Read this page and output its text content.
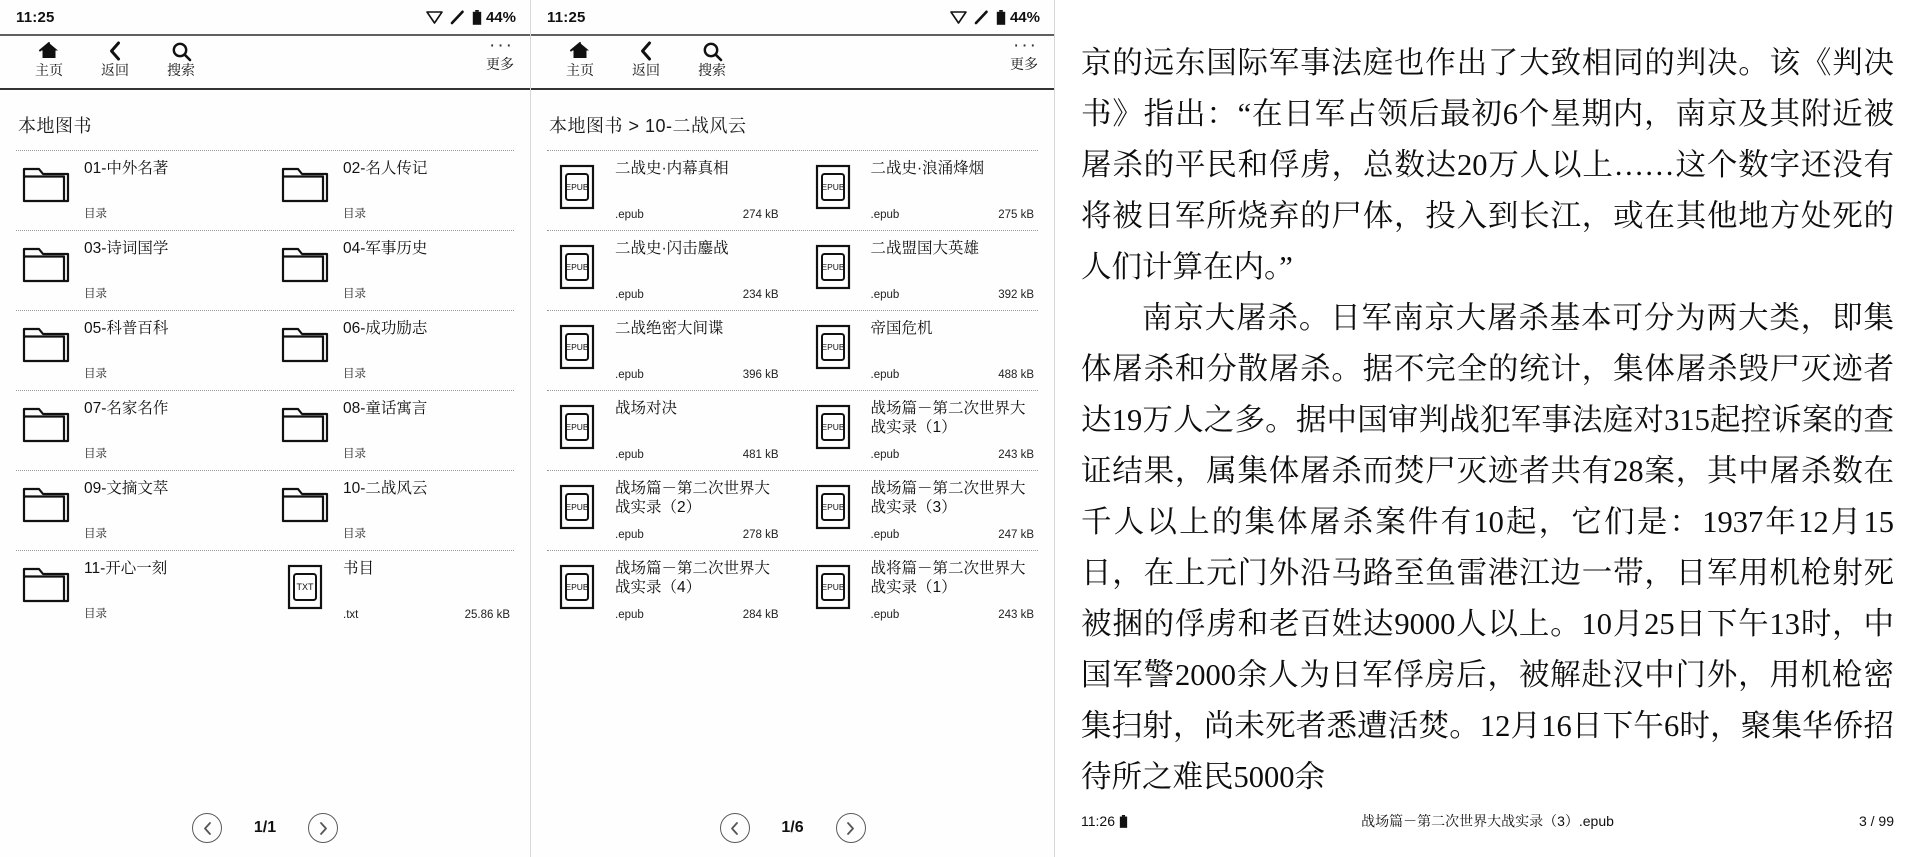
11:25	44%
主页	返回	搜索
···
更多
本地图书
01-中外名著
目录
02-名人传记
目录
03-诗词国学
目录
04-军事历史
目录
05-科普百科
目录
06-成功励志
目录
07-名家名作
目录
08-童话寓言
目录
09-文摘文萃
目录
10-二战风云
目录
11-开心一刻
目录
TXT
书目
.txt	25.86 kB
1/1
11:25	44%
主页	返回	搜索
···
更多
本地图书 > 10-二战风云
EPUB
二战史·内幕真相
.epub	274 kB
EPUB
二战史·浪涌烽烟
.epub	275 kB
EPUB
二战史·闪击鏖战
.epub	234 kB
EPUB
二战盟国大英雄
.epub	392 kB
EPUB
二战绝密大间谍
.epub	396 kB
EPUB
帝国危机
.epub	488 kB
EPUB
战场对决
.epub	481 kB
EPUB
战场篇－第二次世界大战实录（1）
.epub	243 kB
EPUB
战场篇－第二次世界大战实录（2）
.epub	278 kB
EPUB
战场篇－第二次世界大战实录（3）
.epub	247 kB
EPUB
战场篇－第二次世界大战实录（4）
.epub	284 kB
EPUB
战将篇－第二次世界大战实录（1）
.epub	243 kB
1/6

京的远东国际军事法庭也作出了大致相同的判决。该《判决书》指出：“在日军占领后最初6个星期内，南京及其附近被屠杀的平民和俘虏，总数达20万人以上……这个数字还没有将被日军所烧弃的尸体，投入到长江，或在其他地方处死的人们计算在内。”

南京大屠杀。日军南京大屠杀基本可分为两大类，即集体屠杀和分散屠杀。据不完全的统计，集体屠杀毁尸灭迹者达19万人之多。据中国审判战犯军事法庭对315起控诉案的查证结果，属集体屠杀而焚尸灭迹者共有28案，其中屠杀数在千人以上的集体屠杀案件有10起，它们是：1937年12月15日，在上元门外沿马路至鱼雷港江边一带，日军用机枪射死被捆的俘虏和老百姓达9000人以上。10月25日下午13时，中国军警2000余人为日军俘房后，被解赴汉中门外，用机枪密集扫射，尚未死者悉遭活焚。12月16日下午6时，聚集华侨招待所之难民5000余

11:26	战场篇－第二次世界大战实录（3）.epub	3 / 99
